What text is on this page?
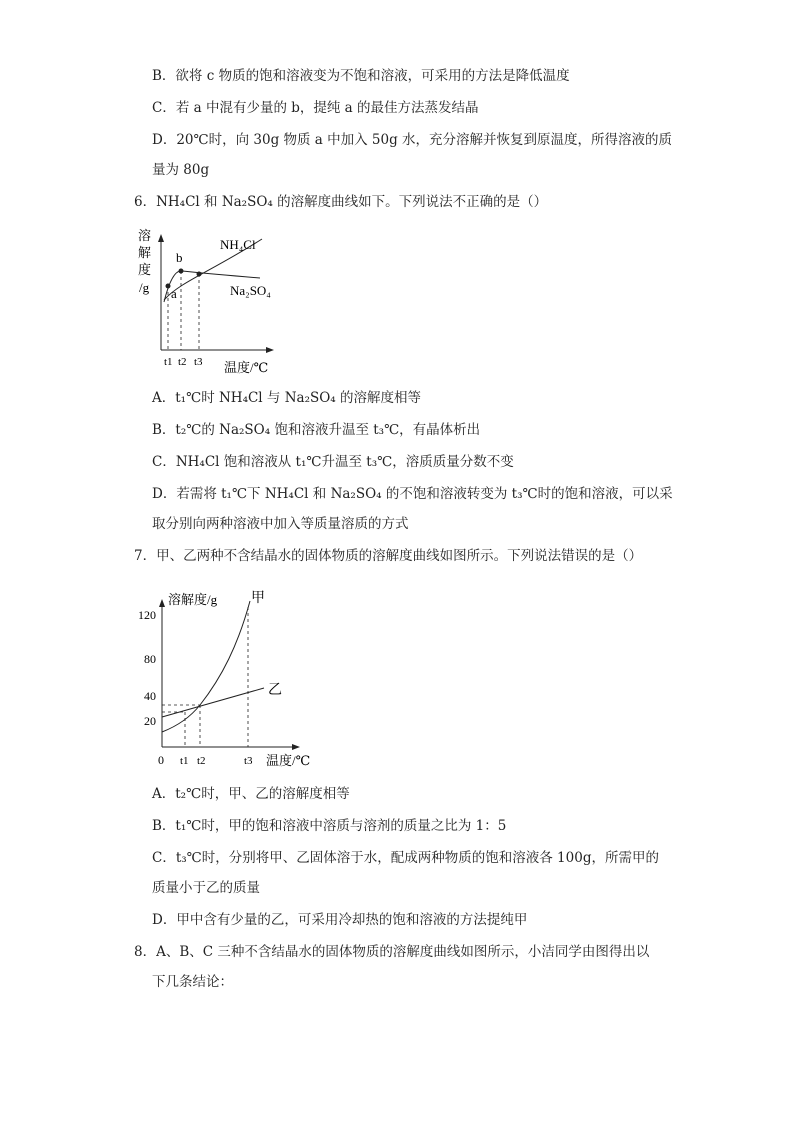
B．欲将 c 物质的饱和溶液变为不饱和溶液，可采用的方法是降低温度
C．若 a 中混有少量的 b，提纯 a 的最佳方法蒸发结晶
D．20℃时，向 30g 物质 a 中加入 50g 水，充分溶解并恢复到原温度，所得溶液的质
量为 80g
6．NH₄Cl 和 Na₂SO₄ 的溶解度曲线如下。下列说法不正确的是（）
溶
解
度
/g a
b
NH₄Cl
Na₂SO₄
t1 t2 t3 温度/℃
A．t₁℃时 NH₄Cl 与 Na₂SO₄ 的溶解度相等
B．t₂℃的 Na₂SO₄ 饱和溶液升温至 t₃℃，有晶体析出
C．NH₄Cl 饱和溶液从 t₁℃升温至 t₃℃，溶质质量分数不变
D．若需将 t₁℃下 NH₄Cl 和 Na₂SO₄ 的不饱和溶液转变为 t₃℃时的饱和溶液，可以采
取分别向两种溶液中加入等质量溶质的方式
7．甲、乙两种不含结晶水的固体物质的溶解度曲线如图所示。下列说法错误的是（）
溶解度/g
120
80
40
20
0
甲
乙
t1 t2	t3 温度/℃
A．t₂℃时，甲、乙的溶解度相等
B．t₁℃时，甲的饱和溶液中溶质与溶剂的质量之比为 1：5
C．t₃℃时，分别将甲、乙固体溶于水，配成两种物质的饱和溶液各 100g，所需甲的
质量小于乙的质量
D．甲中含有少量的乙，可采用冷却热的饱和溶液的方法提纯甲
8．A、B、C 三种不含结晶水的固体物质的溶解度曲线如图所示，小洁同学由图得出以
下几条结论：
